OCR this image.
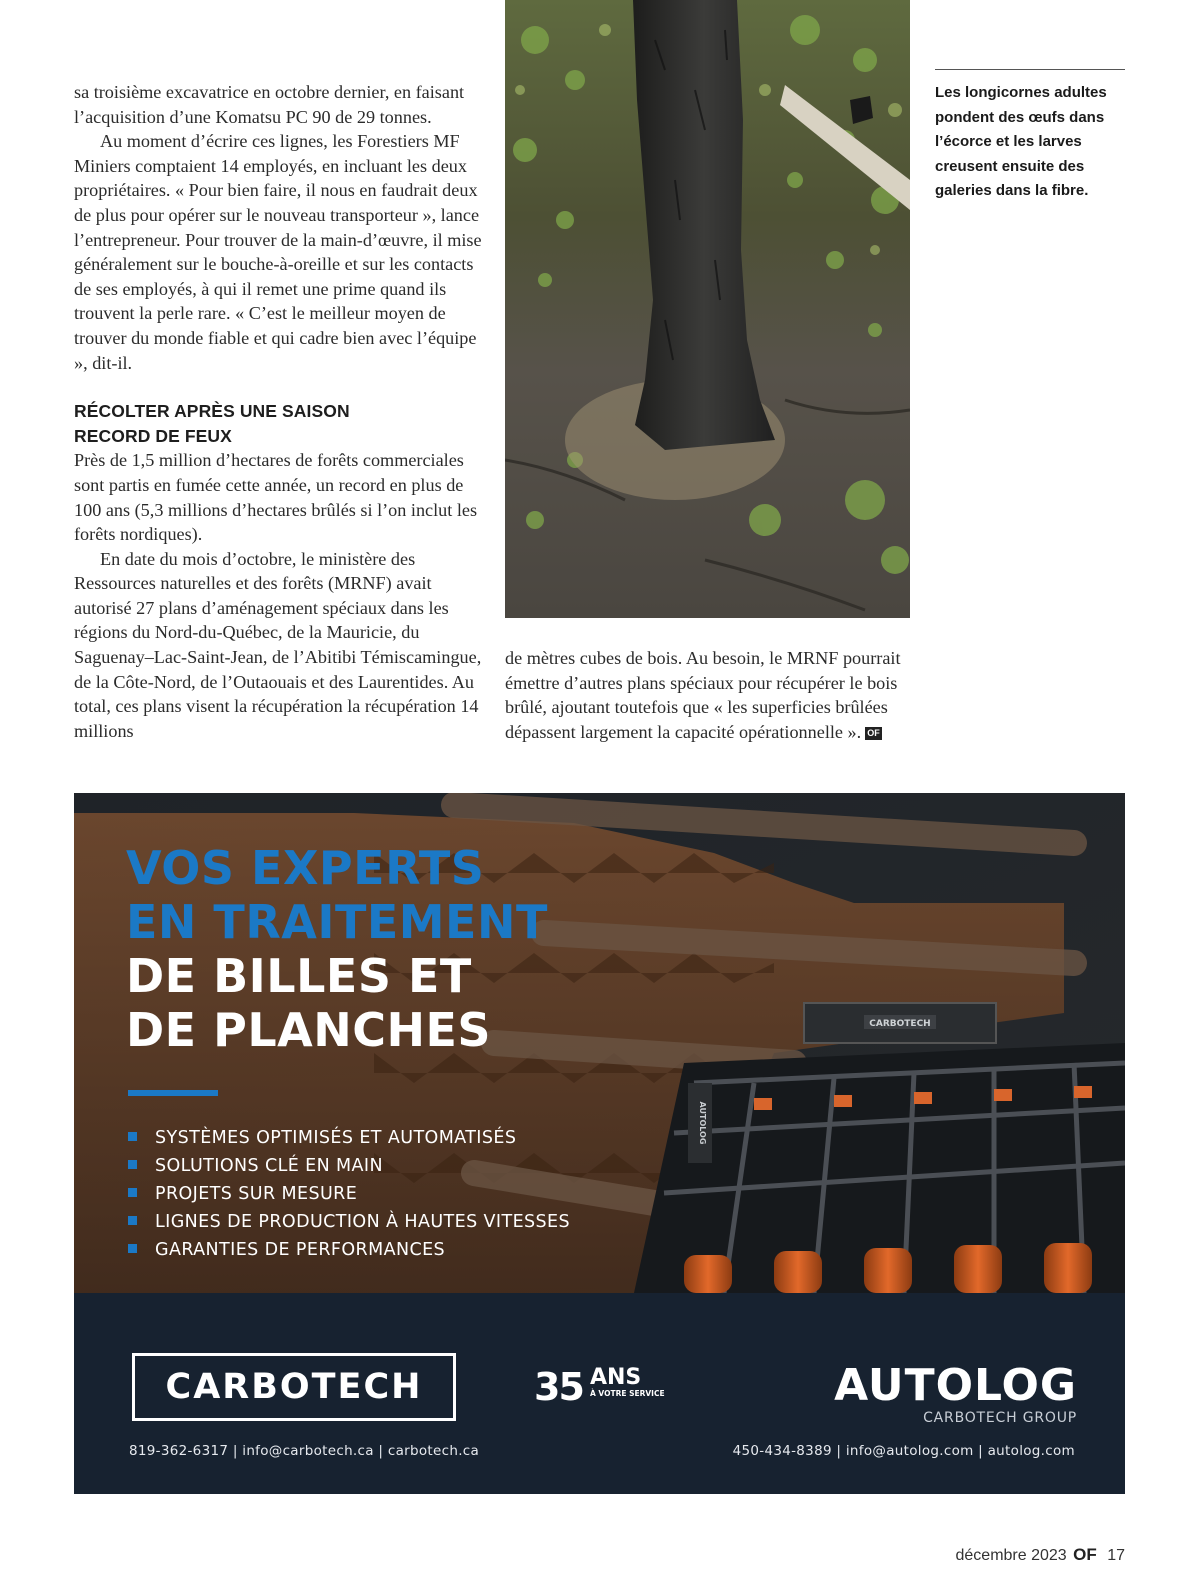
sa troisième excavatrice en octobre dernier, en faisant l’acquisition d’une Komatsu PC 90 de 29 tonnes.

Au moment d’écrire ces lignes, les Forestiers MF Miniers comptaient 14 employés, en incluant les deux propriétaires. « Pour bien faire, il nous en faudrait deux de plus pour opérer sur le nouveau transporteur », lance l’entrepreneur. Pour trouver de la main-d’œuvre, il mise généralement sur le bouche-à-oreille et sur les contacts de ses employés, à qui il remet une prime quand ils trouvent la perle rare. « C’est le meilleur moyen de trouver du monde fiable et qui cadre bien avec l’équipe », dit-il.

RÉCOLTER APRÈS UNE SAISON
RECORD DE FEUX

Près de 1,5 million d’hectares de forêts commerciales sont partis en fumée cette année, un record en plus de 100 ans (5,3 millions d’hectares brûlés si l’on inclut les forêts nordiques).

En date du mois d’octobre, le ministère des Ressources naturelles et des forêts (MRNF) avait autorisé 27 plans d’aménagement spéciaux dans les régions du Nord-du-Québec, de la Mauricie, du Saguenay–Lac-Saint-Jean, de l’Abitibi Témiscamingue, de la Côte-Nord, de l’Outaouais et des Laurentides. Au total, ces plans visent la récupération la récupération 14 millions

Les longicornes adultes pondent des œufs dans l’écorce et les larves creusent ensuite des galeries dans la fibre.

de mètres cubes de bois. Au besoin, le MRNF pourrait émettre d’autres plans spéciaux pour récupérer le bois brûlé, ajoutant toutefois que « les superficies brûlées dépassent largement la capacité opérationnelle ». OF

CARBOTECH
AUTOLOG
VOS EXPERTS
EN TRAITEMENT
DE BILLES ET
DE PLANCHES
SYSTÈMES OPTIMISÉS ET AUTOMATISÉS
SOLUTIONS CLÉ EN MAIN
PROJETS SUR MESURE
LIGNES DE PRODUCTION À HAUTES VITESSES
GARANTIES DE PERFORMANCES
CARBOTECH	35 ANS
À VOTRE SERVICE	AUTOLOG
CARBOTECH GROUP
819-362-6317 | info@carbotech.ca | carbotech.ca	450-434-8389 | info@autolog.com | autolog.com
décembre 2023 OF 17
